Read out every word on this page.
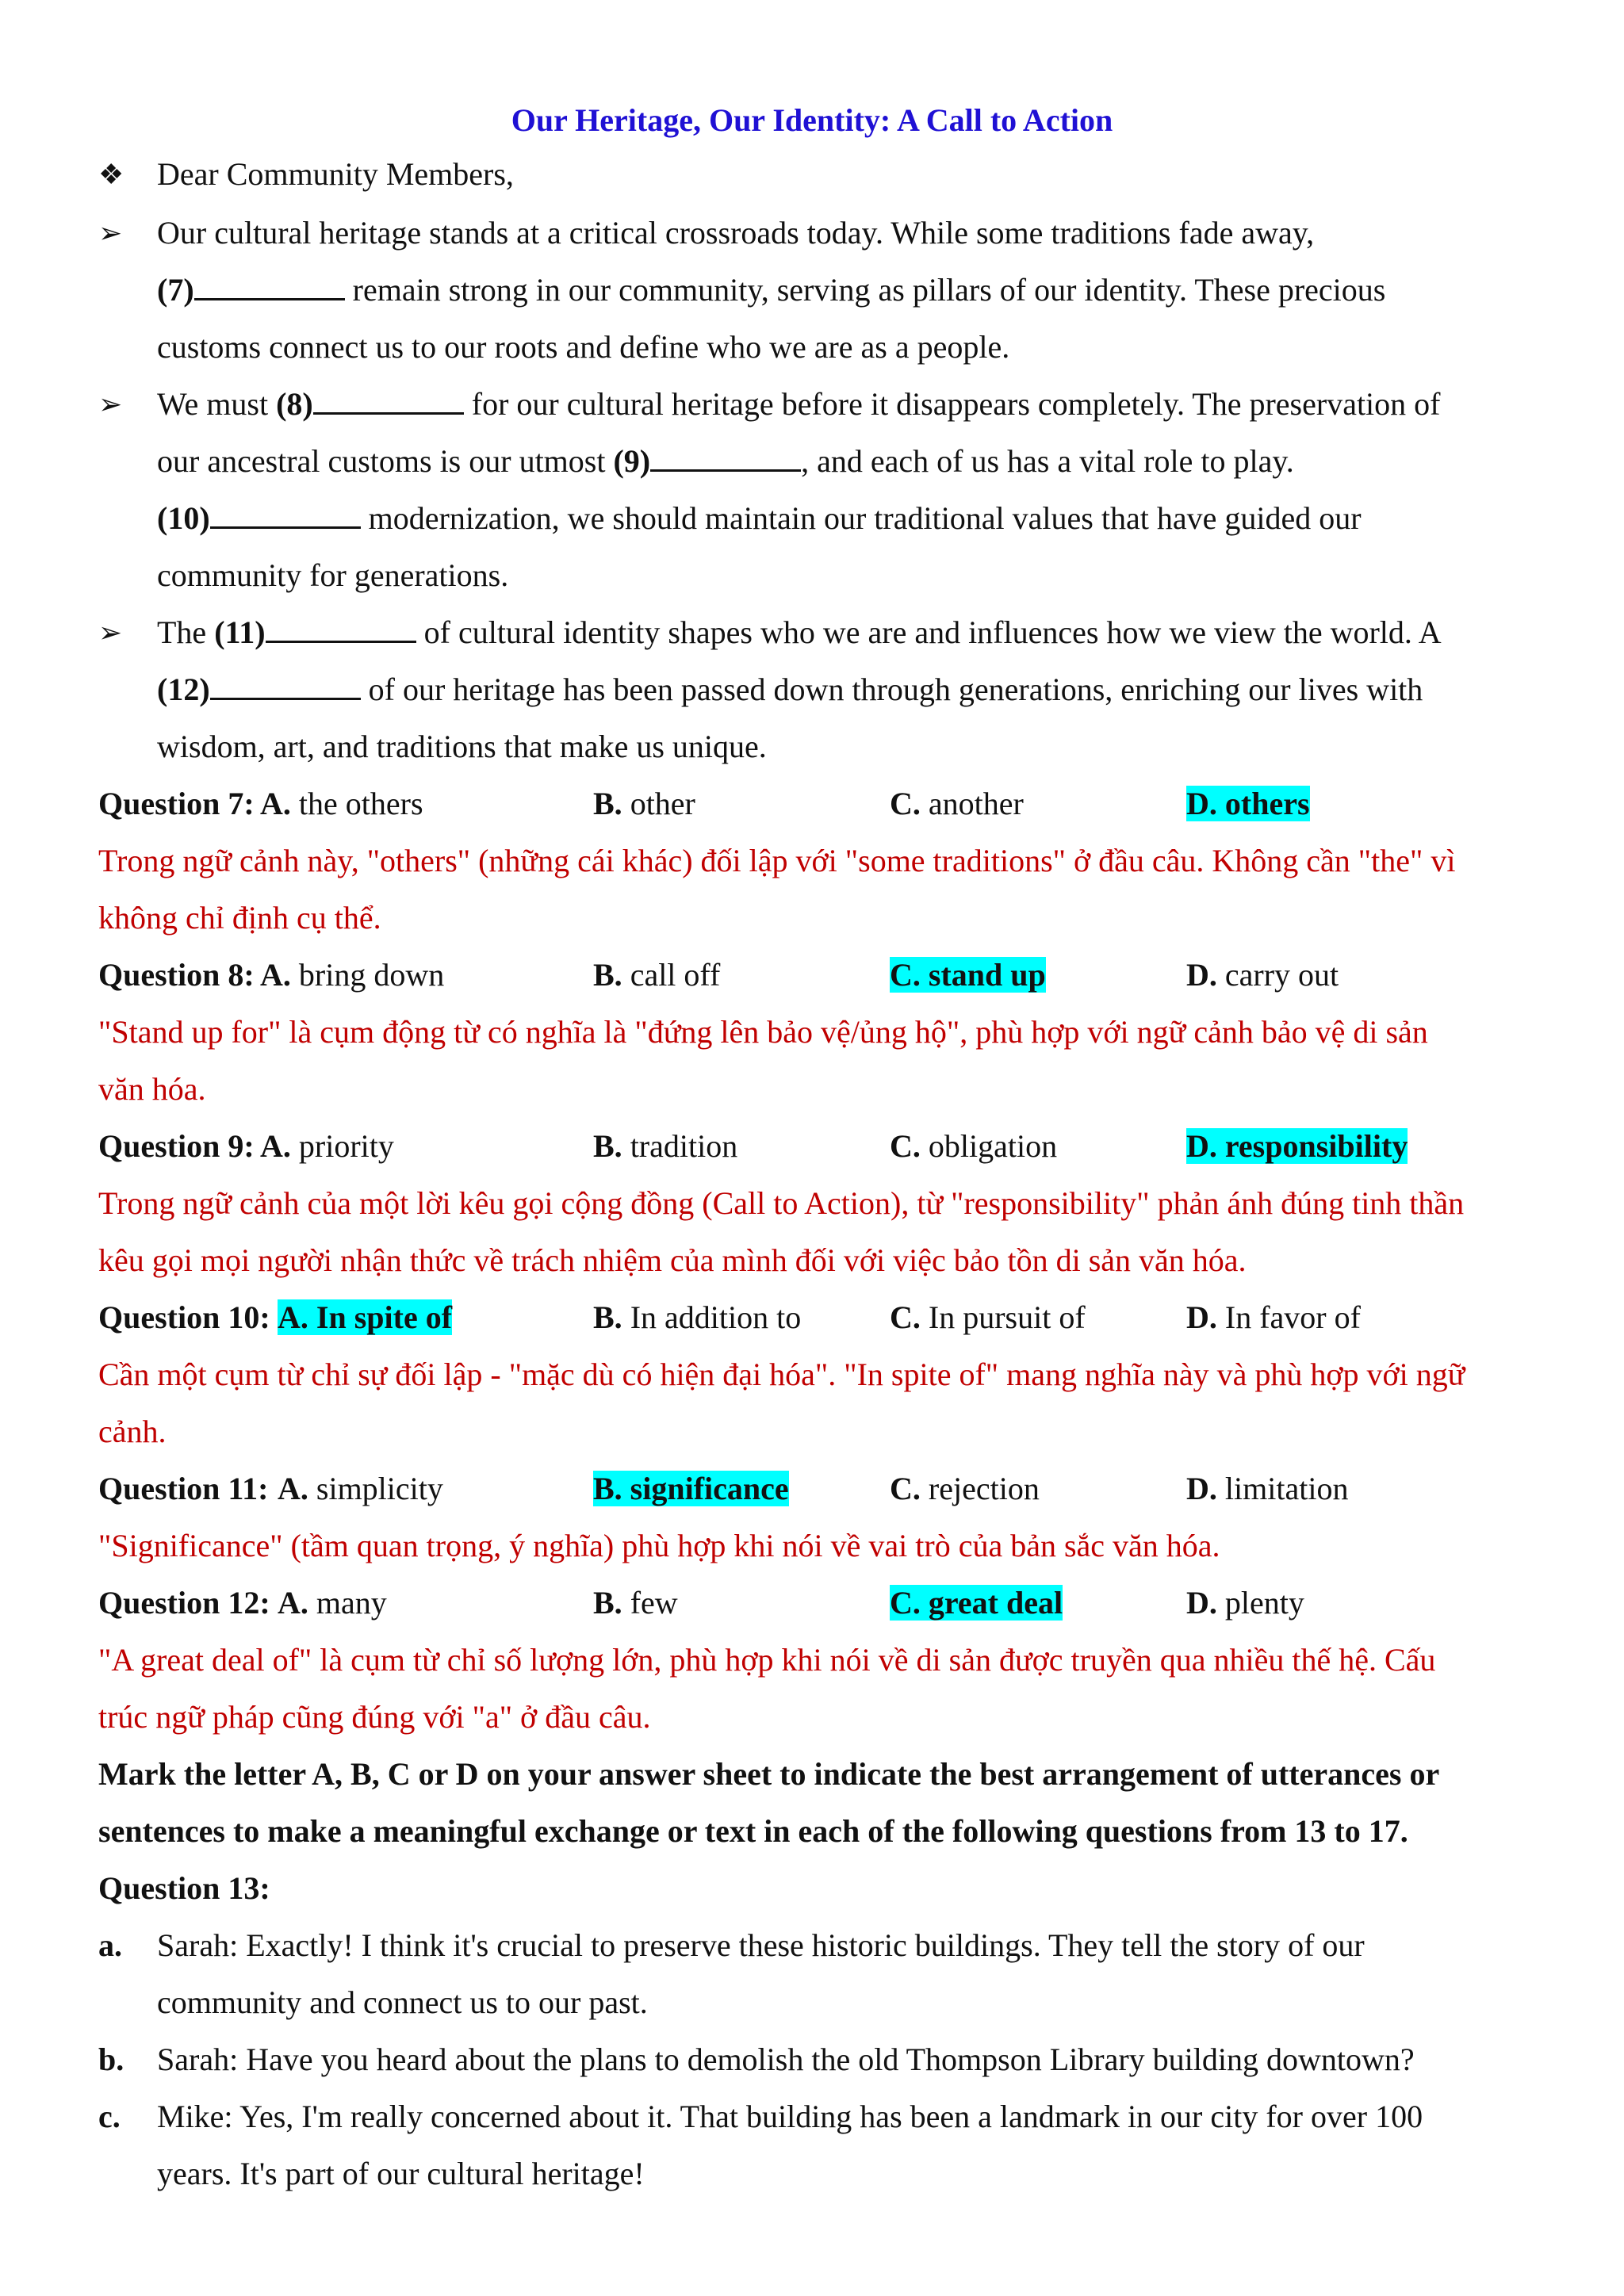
Our Heritage, Our Identity: A Call to Action
❖ Dear Community Members,
➢ Our cultural heritage stands at a critical crossroads today. While some traditions fade away,
(7)	remain strong in our community, serving as pillars of our identity. These precious
customs connect us to our roots and define who we are as a people.
➢ We must (8)	for our cultural heritage before it disappears completely. The preservation of
our ancestral customs is our utmost (9)	, and each of us has a vital role to play.
(10)	modernization, we should maintain our traditional values that have guided our
community for generations.
➢ The (11)	of cultural identity shapes who we are and influences how we view the world. A
(12)	of our heritage has been passed down through generations, enriching our lives with
wisdom, art, and traditions that make us unique.
Question 7: A. the others	B. other	C. another	D. others
Trong ngữ cảnh này, "others" (những cái khác) đối lập với "some traditions" ở đầu câu. Không cần "the" vì
không chỉ định cụ thể.
Question 8: A. bring down	B. call off	C. stand up	D. carry out
"Stand up for" là cụm động từ có nghĩa là "đứng lên bảo vệ/ủng hộ", phù hợp với ngữ cảnh bảo vệ di sản
văn hóa.
Question 9: A. priority	B. tradition	C. obligation	D. responsibility
Trong ngữ cảnh của một lời kêu gọi cộng đồng (Call to Action), từ "responsibility" phản ánh đúng tinh thần
kêu gọi mọi người nhận thức về trách nhiệm của mình đối với việc bảo tồn di sản văn hóa.
Question 10: A. In spite of	B. In addition to	C. In pursuit of	D. In favor of
Cần một cụm từ chỉ sự đối lập - "mặc dù có hiện đại hóa". "In spite of" mang nghĩa này và phù hợp với ngữ
cảnh.
Question 11: A. simplicity	B. significance	C. rejection	D. limitation
"Significance" (tầm quan trọng, ý nghĩa) phù hợp khi nói về vai trò của bản sắc văn hóa.
Question 12: A. many	B. few	C. great deal	D. plenty
"A great deal of" là cụm từ chỉ số lượng lớn, phù hợp khi nói về di sản được truyền qua nhiều thế hệ. Cấu
trúc ngữ pháp cũng đúng với "a" ở đầu câu.
Mark the letter A, B, C or D on your answer sheet to indicate the best arrangement of utterances or
sentences to make a meaningful exchange or text in each of the following questions from 13 to 17.
Question 13:
a. Sarah: Exactly! I think it's crucial to preserve these historic buildings. They tell the story of our
community and connect us to our past.
b. Sarah: Have you heard about the plans to demolish the old Thompson Library building downtown?
c. Mike: Yes, I'm really concerned about it. That building has been a landmark in our city for over 100
years. It's part of our cultural heritage!
